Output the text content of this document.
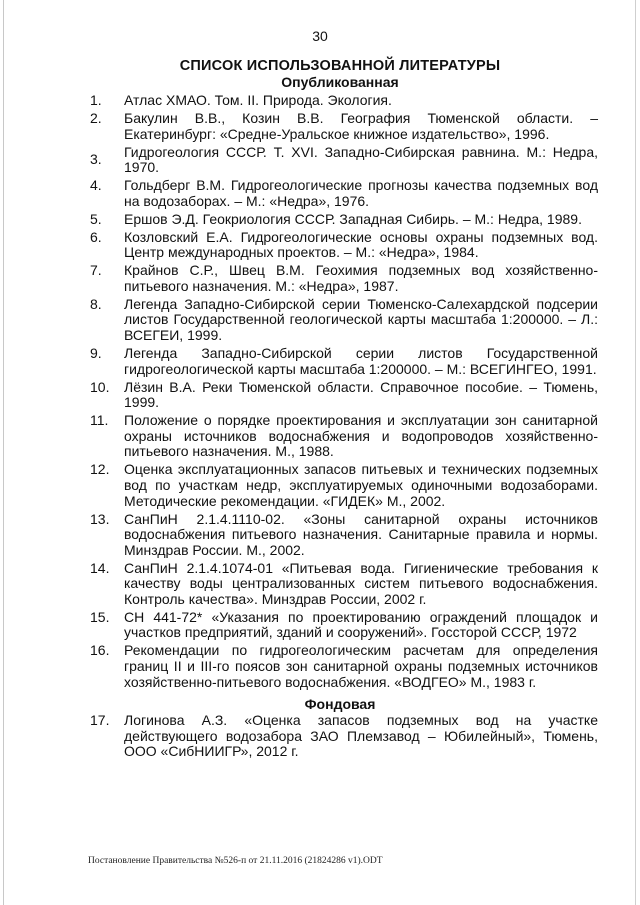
30
СПИСОК ИСПОЛЬЗОВАННОЙ ЛИТЕРАТУРЫ

Опубликованная

1.	Атлас ХМАО. Том. II. Природа. Экология.
2.	Бакулин В.В., Козин В.В. География Тюменской области. – Екатеринбург: «Средне-Уральское книжное издательство», 1996.
3.	Гидрогеология СССР. Т. XVI. Западно-Сибирская равнина. М.: Недра, 1970.
4.	Гольдберг В.М. Гидрогеологические прогнозы качества подземных вод на водозаборах. – М.: «Недра», 1976.
5.	Ершов Э.Д. Геокриология СССР. Западная Сибирь. – М.: Недра, 1989.
6.	Козловский Е.А. Гидрогеологические основы охраны подземных вод. Центр международных проектов. – М.: «Недра», 1984.
7.	Крайнов С.Р., Швец В.М. Геохимия подземных вод хозяйственно-питьевого назначения. М.: «Недра», 1987.
8.	Легенда Западно-Сибирской серии Тюменско-Салехардской подсерии листов Государственной геологической карты масштаба 1:200000. – Л.: ВСЕГЕИ, 1999.
9.	Легенда Западно-Сибирской серии листов Государственной гидрогеологической карты масштаба 1:200000. – М.: ВСЕГИНГЕО, 1991.
10.	Лёзин В.А. Реки Тюменской области. Справочное пособие. – Тюмень, 1999.
11.	Положение о порядке проектирования и эксплуатации зон санитарной охраны источников водоснабжения и водопроводов хозяйственно-питьевого назначения. М., 1988.
12.	Оценка эксплуатационных запасов питьевых и технических подземных вод по участкам недр, эксплуатируемых одиночными водозаборами. Методические рекомендации. «ГИДЕК» М., 2002.
13.	СанПиН 2.1.4.1110-02. «Зоны санитарной охраны источников водоснабжения питьевого назначения. Санитарные правила и нормы. Минздрав России. М., 2002.
14.	СанПиН 2.1.4.1074-01 «Питьевая вода. Гигиенические требования к качеству воды централизованных систем питьевого водоснабжения. Контроль качества». Минздрав России, 2002 г.
15.	СН 441-72* «Указания по проектированию ограждений площадок и участков предприятий, зданий и сооружений». Госсторой СССР, 1972
16.	Рекомендации по гидрогеологическим расчетам для определения границ II и III-го поясов зон санитарной охраны подземных источников хозяйственно-питьевого водоснабжения. «ВОДГЕО» М., 1983 г.

Фондовая

17.	Логинова А.З. «Оценка запасов подземных вод на участке действующего водозабора ЗАО Племзавод – Юбилейный», Тюмень, ООО «СибНИИГР», 2012 г.
Постановление Правительства №526-п от 21.11.2016 (21824286 v1).ODT
